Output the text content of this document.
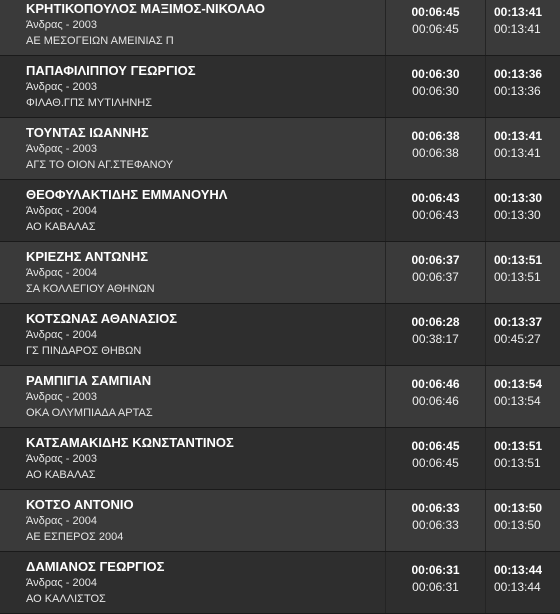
ΚΡΗΤΙΚΟΠΟΥΛΟΣ ΜΑΞΙΜΟΣ-ΝΙΚΟΛΑΟ
Άνδρας - 2003
ΑΕ ΜΕΣΟΓΕΙΩΝ ΑΜΕΙΝΙΑΣ Π
00:06:45
00:06:45
00:13:41
00:13:41
ΠΑΠΑΦΙΛΙΠΠΟΥ ΓΕΩΡΓΙΟΣ
Άνδρας - 2003
ΦΙΛΑΘ.ΓΠΣ ΜΥΤΙΛΗΝΗΣ
00:06:30
00:06:30
00:13:36
00:13:36
ΤΟΥΝΤΑΣ ΙΩΑΝΝΗΣ
Άνδρας - 2003
ΑΓΣ ΤΟ ΟΙΟΝ ΑΓ.ΣΤΕΦΑΝΟΥ
00:06:38
00:06:38
00:13:41
00:13:41
ΘΕΟΦΥΛΑΚΤΙΔΗΣ ΕΜΜΑΝΟΥΗΛ
Άνδρας - 2004
ΑΟ ΚΑΒΑΛΑΣ
00:06:43
00:06:43
00:13:30
00:13:30
ΚΡΙΕΖΗΣ ΑΝΤΩΝΗΣ
Άνδρας - 2004
ΣΑ ΚΟΛΛΕΓΙΟΥ ΑΘΗΝΩΝ
00:06:37
00:06:37
00:13:51
00:13:51
ΚΟΤΣΩΝΑΣ ΑΘΑΝΑΣΙΟΣ
Άνδρας - 2004
ΓΣ ΠΙΝΔΑΡΟΣ ΘΗΒΩΝ
00:06:28
00:38:17
00:13:37
00:45:27
ΡΑΜΠΙΓΙΑ ΣΑΜΠΙΑΝ
Άνδρας - 2003
ΟΚΑ ΟΛΥΜΠΙΑΔΑ ΑΡΤΑΣ
00:06:46
00:06:46
00:13:54
00:13:54
ΚΑΤΣΑΜΑΚΙΔΗΣ ΚΩΝΣΤΑΝΤΙΝΟΣ
Άνδρας - 2003
ΑΟ ΚΑΒΑΛΑΣ
00:06:45
00:06:45
00:13:51
00:13:51
ΚΟΤΣΟ ΑΝΤΟΝΙΟ
Άνδρας - 2004
ΑΕ ΕΣΠΕΡΟΣ 2004
00:06:33
00:06:33
00:13:50
00:13:50
ΔΑΜΙΑΝΟΣ ΓΕΩΡΓΙΟΣ
Άνδρας - 2004
ΑΟ ΚΑΛΛΙΣΤΟΣ
00:06:31
00:06:31
00:13:44
00:13:44
